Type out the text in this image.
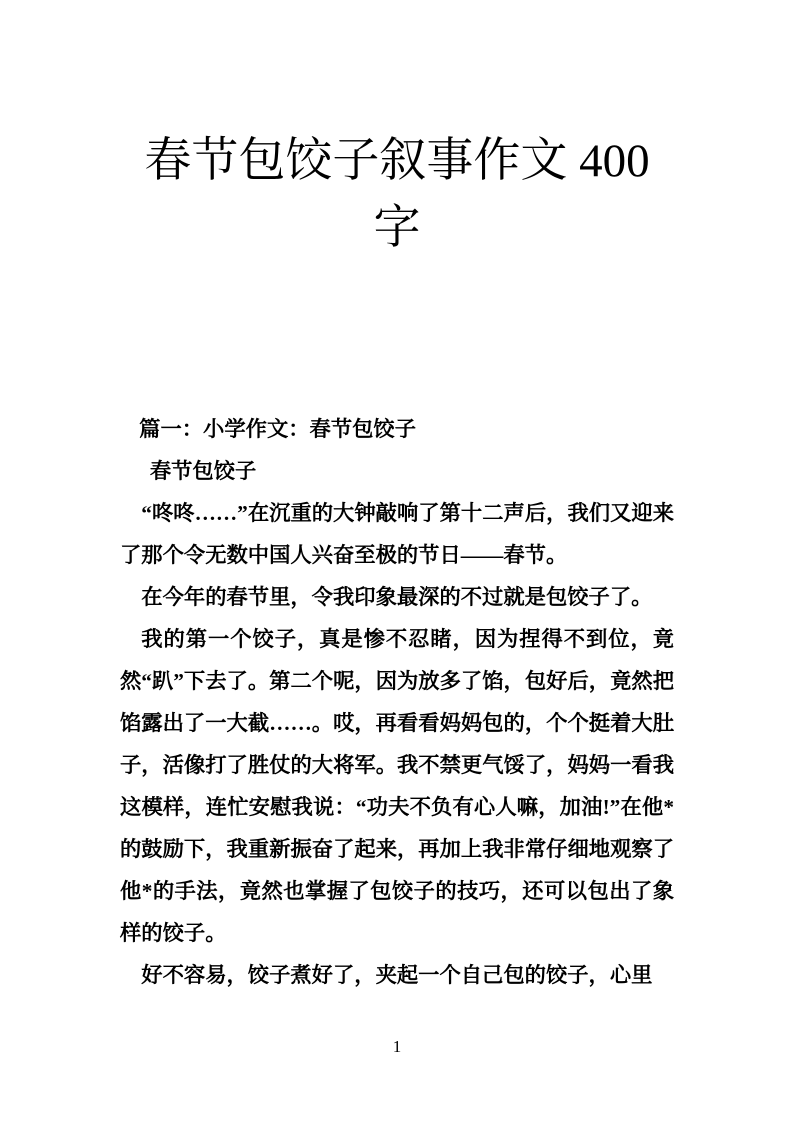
春节包饺子叙事作文 400
字

篇一：小学作文：春节包饺子

春节包饺子

“咚咚……”在沉重的大钟敲响了第十二声后，我们又迎来了那个令无数中国人兴奋至极的节日——春节。

在今年的春节里，令我印象最深的不过就是包饺子了。

我的第一个饺子，真是惨不忍睹，因为捏得不到位，竟然“趴”下去了。第二个呢，因为放多了馅，包好后，竟然把馅露出了一大截……。哎，再看看妈妈包的，个个挺着大肚子，活像打了胜仗的大将军。我不禁更气馁了，妈妈一看我这模样，连忙安慰我说：“功夫不负有心人嘛，加油!”在他*的鼓励下，我重新振奋了起来，再加上我非常仔细地观察了他*的手法，竟然也掌握了包饺子的技巧，还可以包出了象样的饺子。

好不容易，饺子煮好了，夹起一个自己包的饺子，心里

1
